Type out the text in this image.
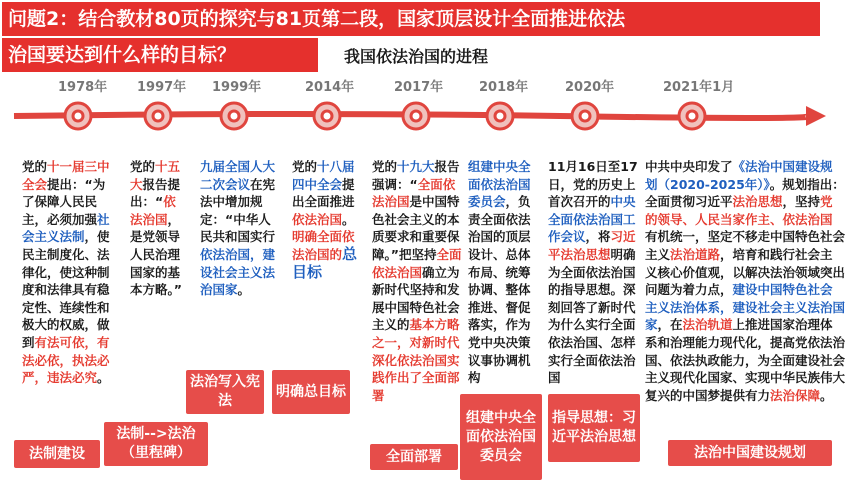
问题2：结合教材80页的探究与81页第二段，国家顶层设计全面推进依法
治国要达到什么样的目标？	我国依法治国的进程
1978年 1997年 1999年	2014年	2017年	2018年	2020年	2021年1月
党的十一届三中全会提出：“为了保障人民民主，必须加强社会主义法制，使民主制度化、法律化，使这种制度和法律具有稳定性、连续性和极大的权威，做到有法可依，有法必依，执法必严，违法必究。
党的十五大报告提出：“依法治国，是党领导人民治理国家的基本方略。”
九届全国人大二次会议在宪法中增加规定：“中华人民共和国实行依法治国，建设社会主义法治国家。
党的十八届四中全会提出全面推进依法治国。明确全面依法治国的总目标
党的十九大报告强调：“全面依法治国是中国特色社会主义的本质要求和重要保障。”把坚持全面依法治国确立为新时代坚持和发展中国特色社会主义的基本方略之一，对新时代深化依法治国实践作出了全面部署
组建中央全面依法治国委员会，负责全面依法治国的顶层设计、总体布局、统筹协调、整体推进、督促落实，作为党中央决策议事协调机构
11月16日至17日，党的历史上首次召开的中央全面依法治国工作会议，将习近平法治思想明确为全面依法治国的指导思想。深刻回答了新时代为什么实行全面依法治国、怎样实行全面依法治国
中共中央印发了《法治中国建设规划（2020-2025年）》。规划指出：全面贯彻习近平法治思想，坚持党的领导、人民当家作主、依法治国有机统一，坚定不移走中国特色社会主义法治道路，培育和践行社会主义核心价值观，以解决法治领域突出问题为着力点，建设中国特色社会主义法治体系，建设社会主义法治国家，在法治轨道上推进国家治理体系和治理能力现代化，提高党依法治国、依法执政能力，为全面建设社会主义现代化国家、实现中华民族伟大复兴的中国梦提供有力法治保障。
法制建设
法制-->法治（里程碑）
法治写入宪法
明确总目标
全面部署
组建中央全面依法治国委员会
指导思想：习近平法治思想
法治中国建设规划
